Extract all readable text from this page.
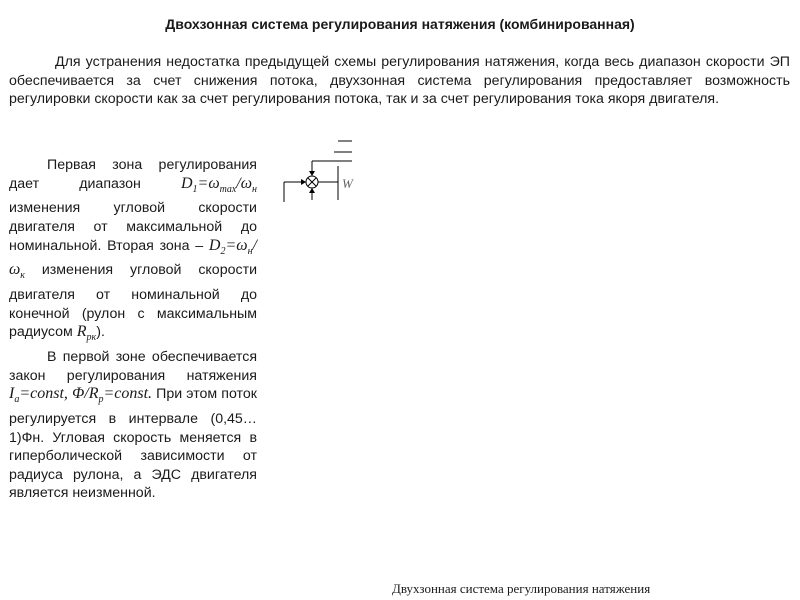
Двохзонная система регулирования натяжения (комбинированная)

Для устранения недостатка предыдущей схемы регулирования натяжения, когда весь диапазон скорости ЭП обеспечивается за счет снижения потока, двухзонная система регулирования предоставляет возможность регулировки скорости как за счет регулирования потока, так и за счет регулирования тока якоря двигателя.

Первая зона регулирования дает диапазон $D_1=\omega_{max}/\omega_н$ изменения угловой скорости двигателя от максимальной до номинальной. Вторая зона – $D_2=\omega_н/\omega_к$ изменения угловой скорости двигателя от номинальной до конечной (рулон с максимальным радиусом $R_{рк}$).

В первой зоне обеспечивается закон регулирования натяжения $I_a=const$, $\Phi/R_p=const$. При этом поток регулируется в интервале (0,45…1)Фн. Угловая скорость меняется в гиперболической зависимости от радиуса рулона, а ЭДС двигателя является неизменной.

W
Двухзонная система регулирования натяжения
